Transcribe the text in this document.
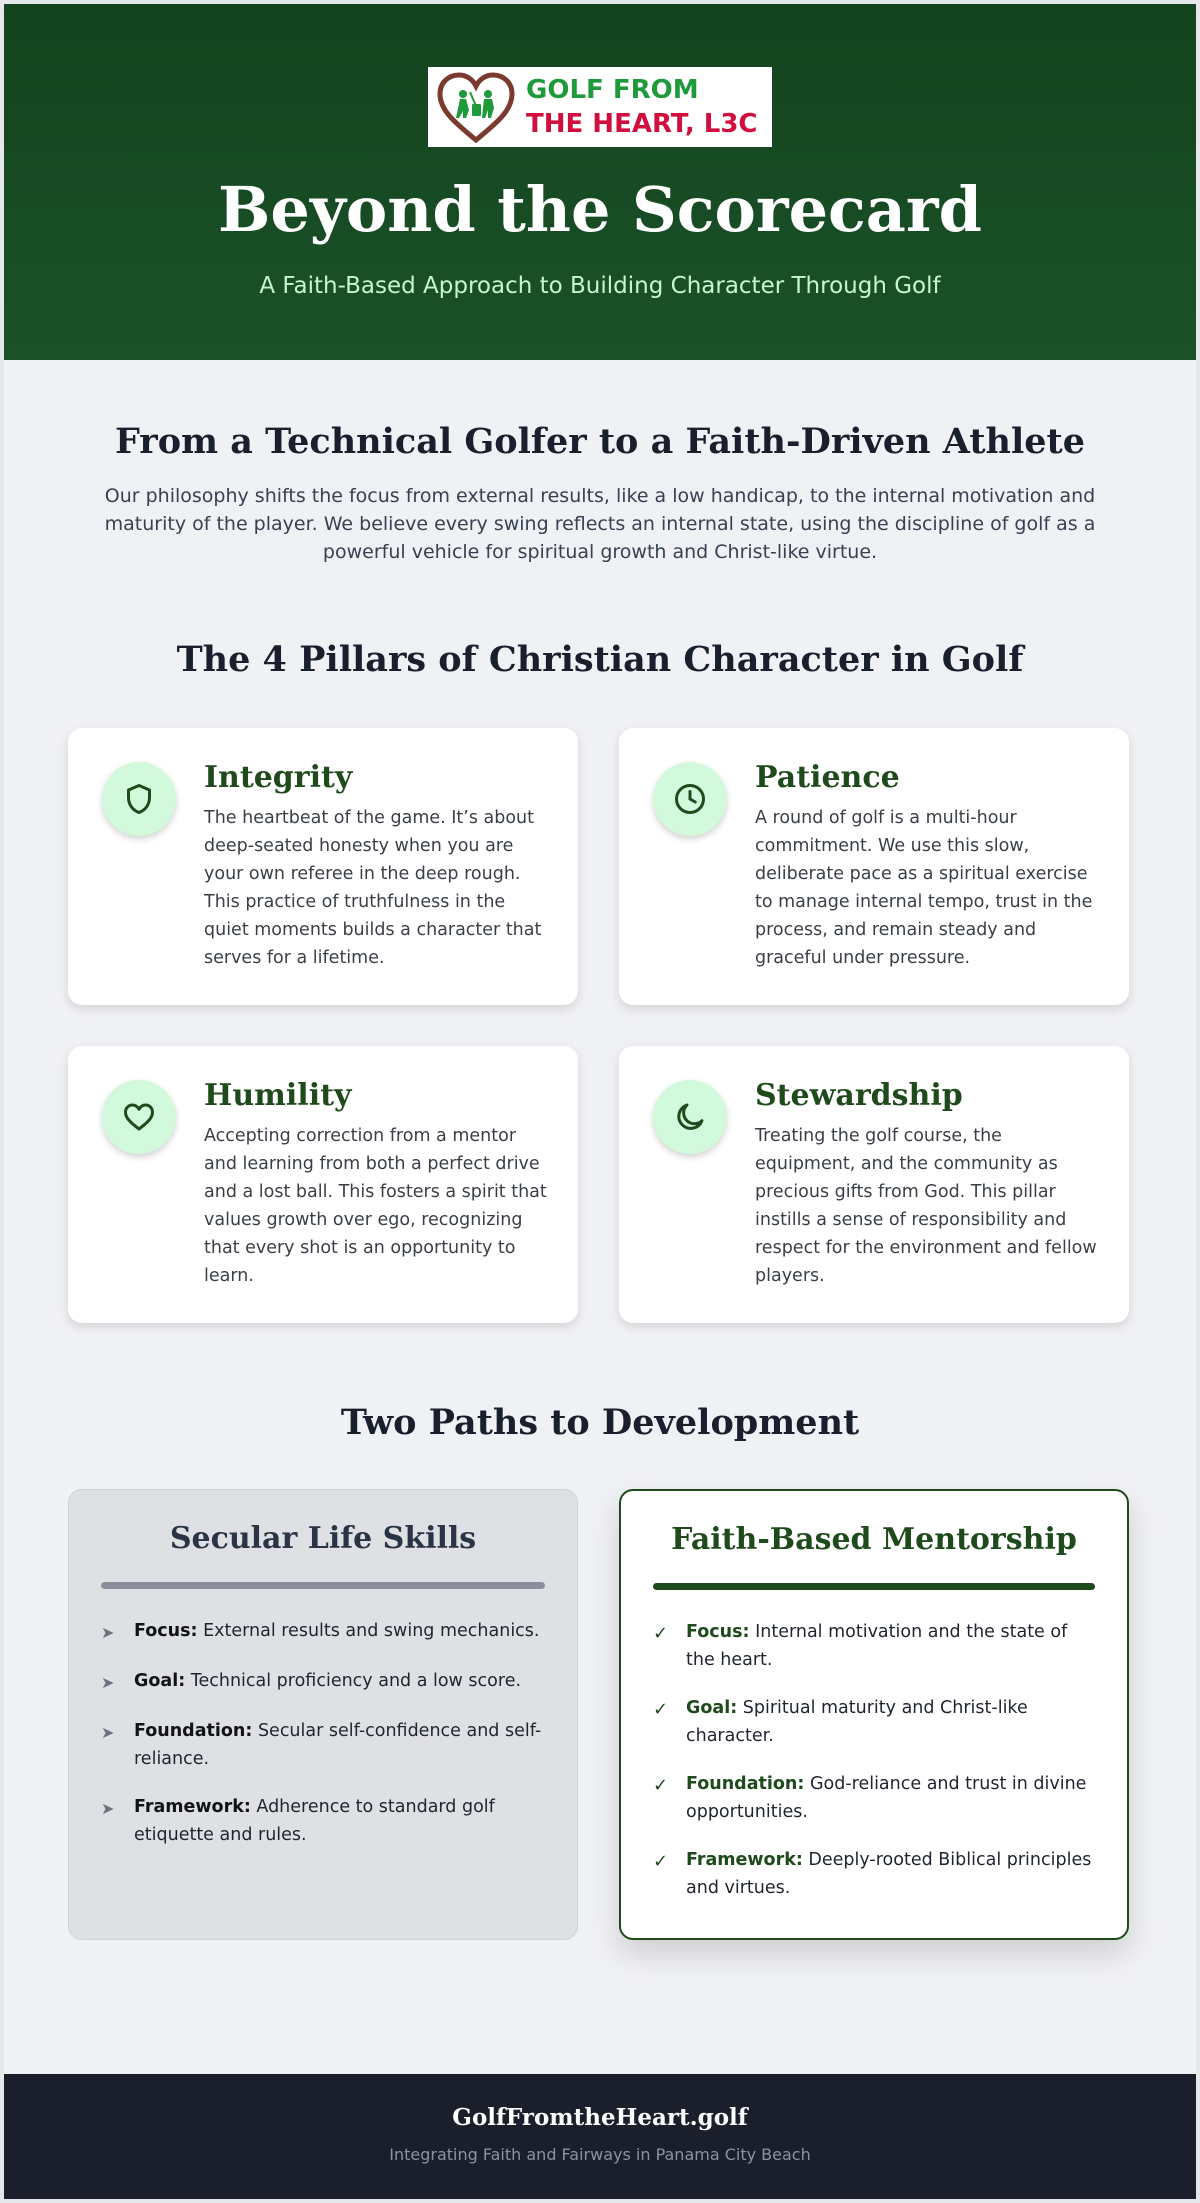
GOLF FROM
THE HEART, L3C
Beyond the Scorecard

A Faith-Based Approach to Building Character Through Golf

From a Technical Golfer to a Faith-Driven Athlete

Our philosophy shifts the focus from external results, like a low handicap, to the internal motivation and maturity of the player. We believe every swing reflects an internal state, using the discipline of golf as a powerful vehicle for spiritual growth and Christ-like virtue.

The 4 Pillars of Christian Character in Golf
Integrity

The heartbeat of the game. It’s about deep-seated honesty when you are your own referee in the deep rough. This practice of truthfulness in the quiet moments builds a character that serves for a lifetime.

Patience

A round of golf is a multi-hour commitment. We use this slow, deliberate pace as a spiritual exercise to manage internal tempo, trust in the process, and remain steady and graceful under pressure.

Humility

Accepting correction from a mentor and learning from both a perfect drive and a lost ball. This fosters a spirit that values growth over ego, recognizing that every shot is an opportunity to learn.

Stewardship

Treating the golf course, the equipment, and the community as precious gifts from God. This pillar instills a sense of responsibility and respect for the environment and fellow players.

Two Paths to Development
Secular Life Skills
➤	Focus: External results and swing mechanics.
➤	Goal: Technical proficiency and a low score.
➤	Foundation: Secular self-confidence and self-reliance.
➤	Framework: Adherence to standard golf etiquette and rules.
Faith-Based Mentorship
✓	Focus: Internal motivation and the state of the heart.
✓	Goal: Spiritual maturity and Christ-like character.
✓	Foundation: God-reliance and trust in divine opportunities.
✓	Framework: Deeply-rooted Biblical principles and virtues.
GolfFromtheHeart.golf
Integrating Faith and Fairways in Panama City Beach
